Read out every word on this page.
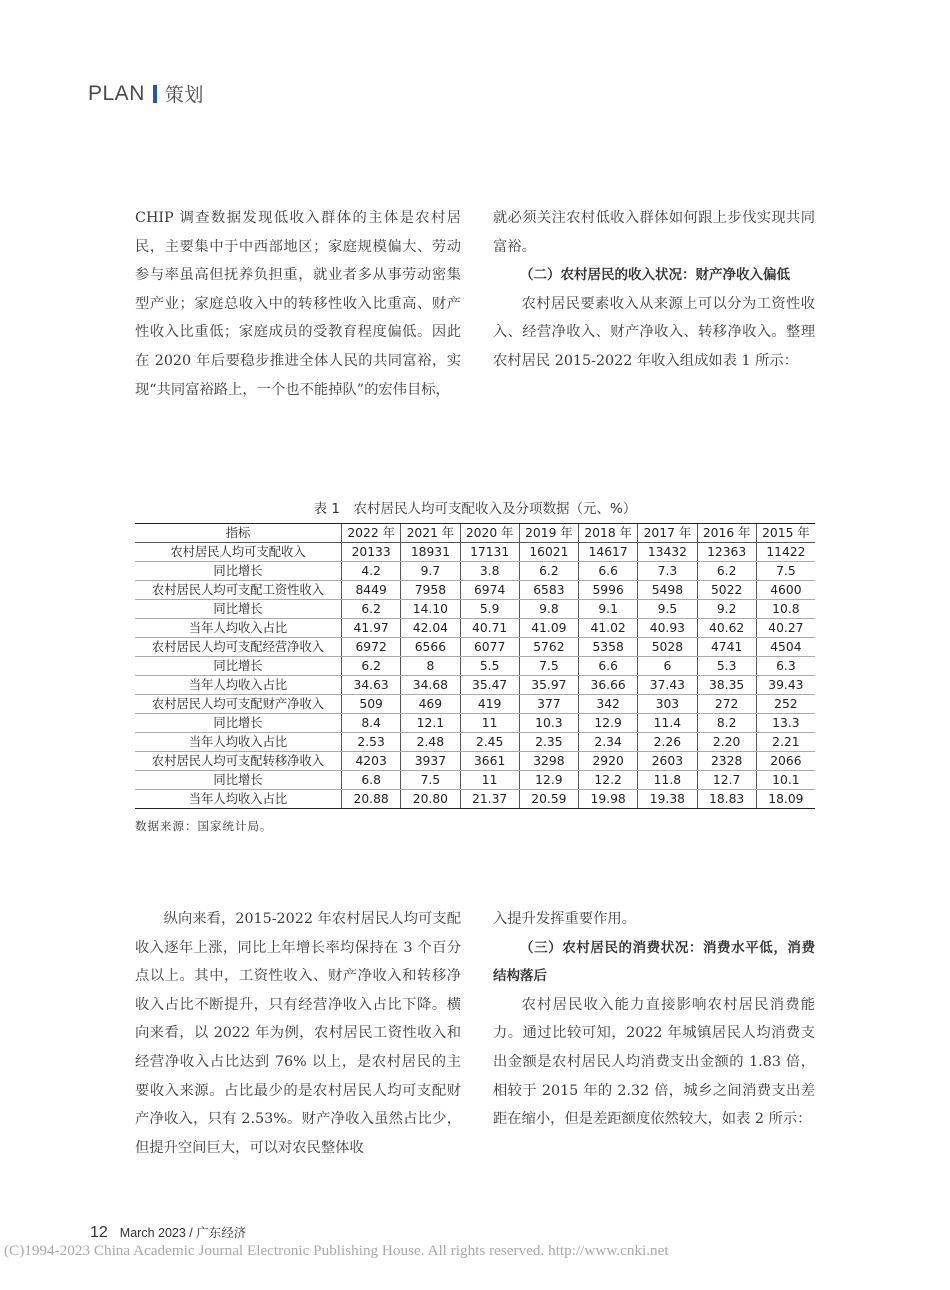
PLAN 策划

CHIP 调查数据发现低收入群体的主体是农村居民，主要集中于中西部地区；家庭规模偏大、劳动参与率虽高但抚养负担重，就业者多从事劳动密集型产业；家庭总收入中的转移性收入比重高、财产性收入比重低；家庭成员的受教育程度偏低。因此在 2020 年后要稳步推进全体人民的共同富裕，实现“共同富裕路上，一个也不能掉队”的宏伟目标，

就必须关注农村低收入群体如何跟上步伐实现共同富裕。

（二）农村居民的收入状况：财产净收入偏低

农村居民要素收入从来源上可以分为工资性收入、经营净收入、财产净收入、转移净收入。整理农村居民 2015-2022 年收入组成如表 1 所示：

表 1　农村居民人均可支配收入及分项数据（元、%）
指标	2022 年	2021 年	2020 年	2019 年	2018 年	2017 年	2016 年	2015 年
农村居民人均可支配收入	20133	18931	17131	16021	14617	13432	12363	11422
同比增长	4.2	9.7	3.8	6.2	6.6	7.3	6.2	7.5
农村居民人均可支配工资性收入	8449	7958	6974	6583	5996	5498	5022	4600
同比增长	6.2	14.10	5.9	9.8	9.1	9.5	9.2	10.8
当年人均收入占比	41.97	42.04	40.71	41.09	41.02	40.93	40.62	40.27
农村居民人均可支配经营净收入	6972	6566	6077	5762	5358	5028	4741	4504
同比增长	6.2	8	5.5	7.5	6.6	6	5.3	6.3
当年人均收入占比	34.63	34.68	35.47	35.97	36.66	37.43	38.35	39.43
农村居民人均可支配财产净收入	509	469	419	377	342	303	272	252
同比增长	8.4	12.1	11	10.3	12.9	11.4	8.2	13.3
当年人均收入占比	2.53	2.48	2.45	2.35	2.34	2.26	2.20	2.21
农村居民人均可支配转移净收入	4203	3937	3661	3298	2920	2603	2328	2066
同比增长	6.8	7.5	11	12.9	12.2	11.8	12.7	10.1
当年人均收入占比	20.88	20.80	21.37	20.59	19.98	19.38	18.83	18.09
数据来源：国家统计局。

纵向来看，2015-2022 年农村居民人均可支配收入逐年上涨，同比上年增长率均保持在 3 个百分点以上。其中，工资性收入、财产净收入和转移净收入占比不断提升，只有经营净收入占比下降。横向来看，以 2022 年为例，农村居民工资性收入和经营净收入占比达到 76% 以上，是农村居民的主要收入来源。占比最少的是农村居民人均可支配财产净收入，只有 2.53%。财产净收入虽然占比少，但提升空间巨大，可以对农民整体收

入提升发挥重要作用。

（三）农村居民的消费状况：消费水平低，消费结构落后

农村居民收入能力直接影响农村居民消费能力。通过比较可知，2022 年城镇居民人均消费支出金额是农村居民人均消费支出金额的 1.83 倍，相较于 2015 年的 2.32 倍，城乡之间消费支出差距在缩小，但是差距额度依然较大，如表 2 所示：

12 March 2023 / 广东经济
(C)1994-2023 China Academic Journal Electronic Publishing House. All rights reserved. http://www.cnki.net
